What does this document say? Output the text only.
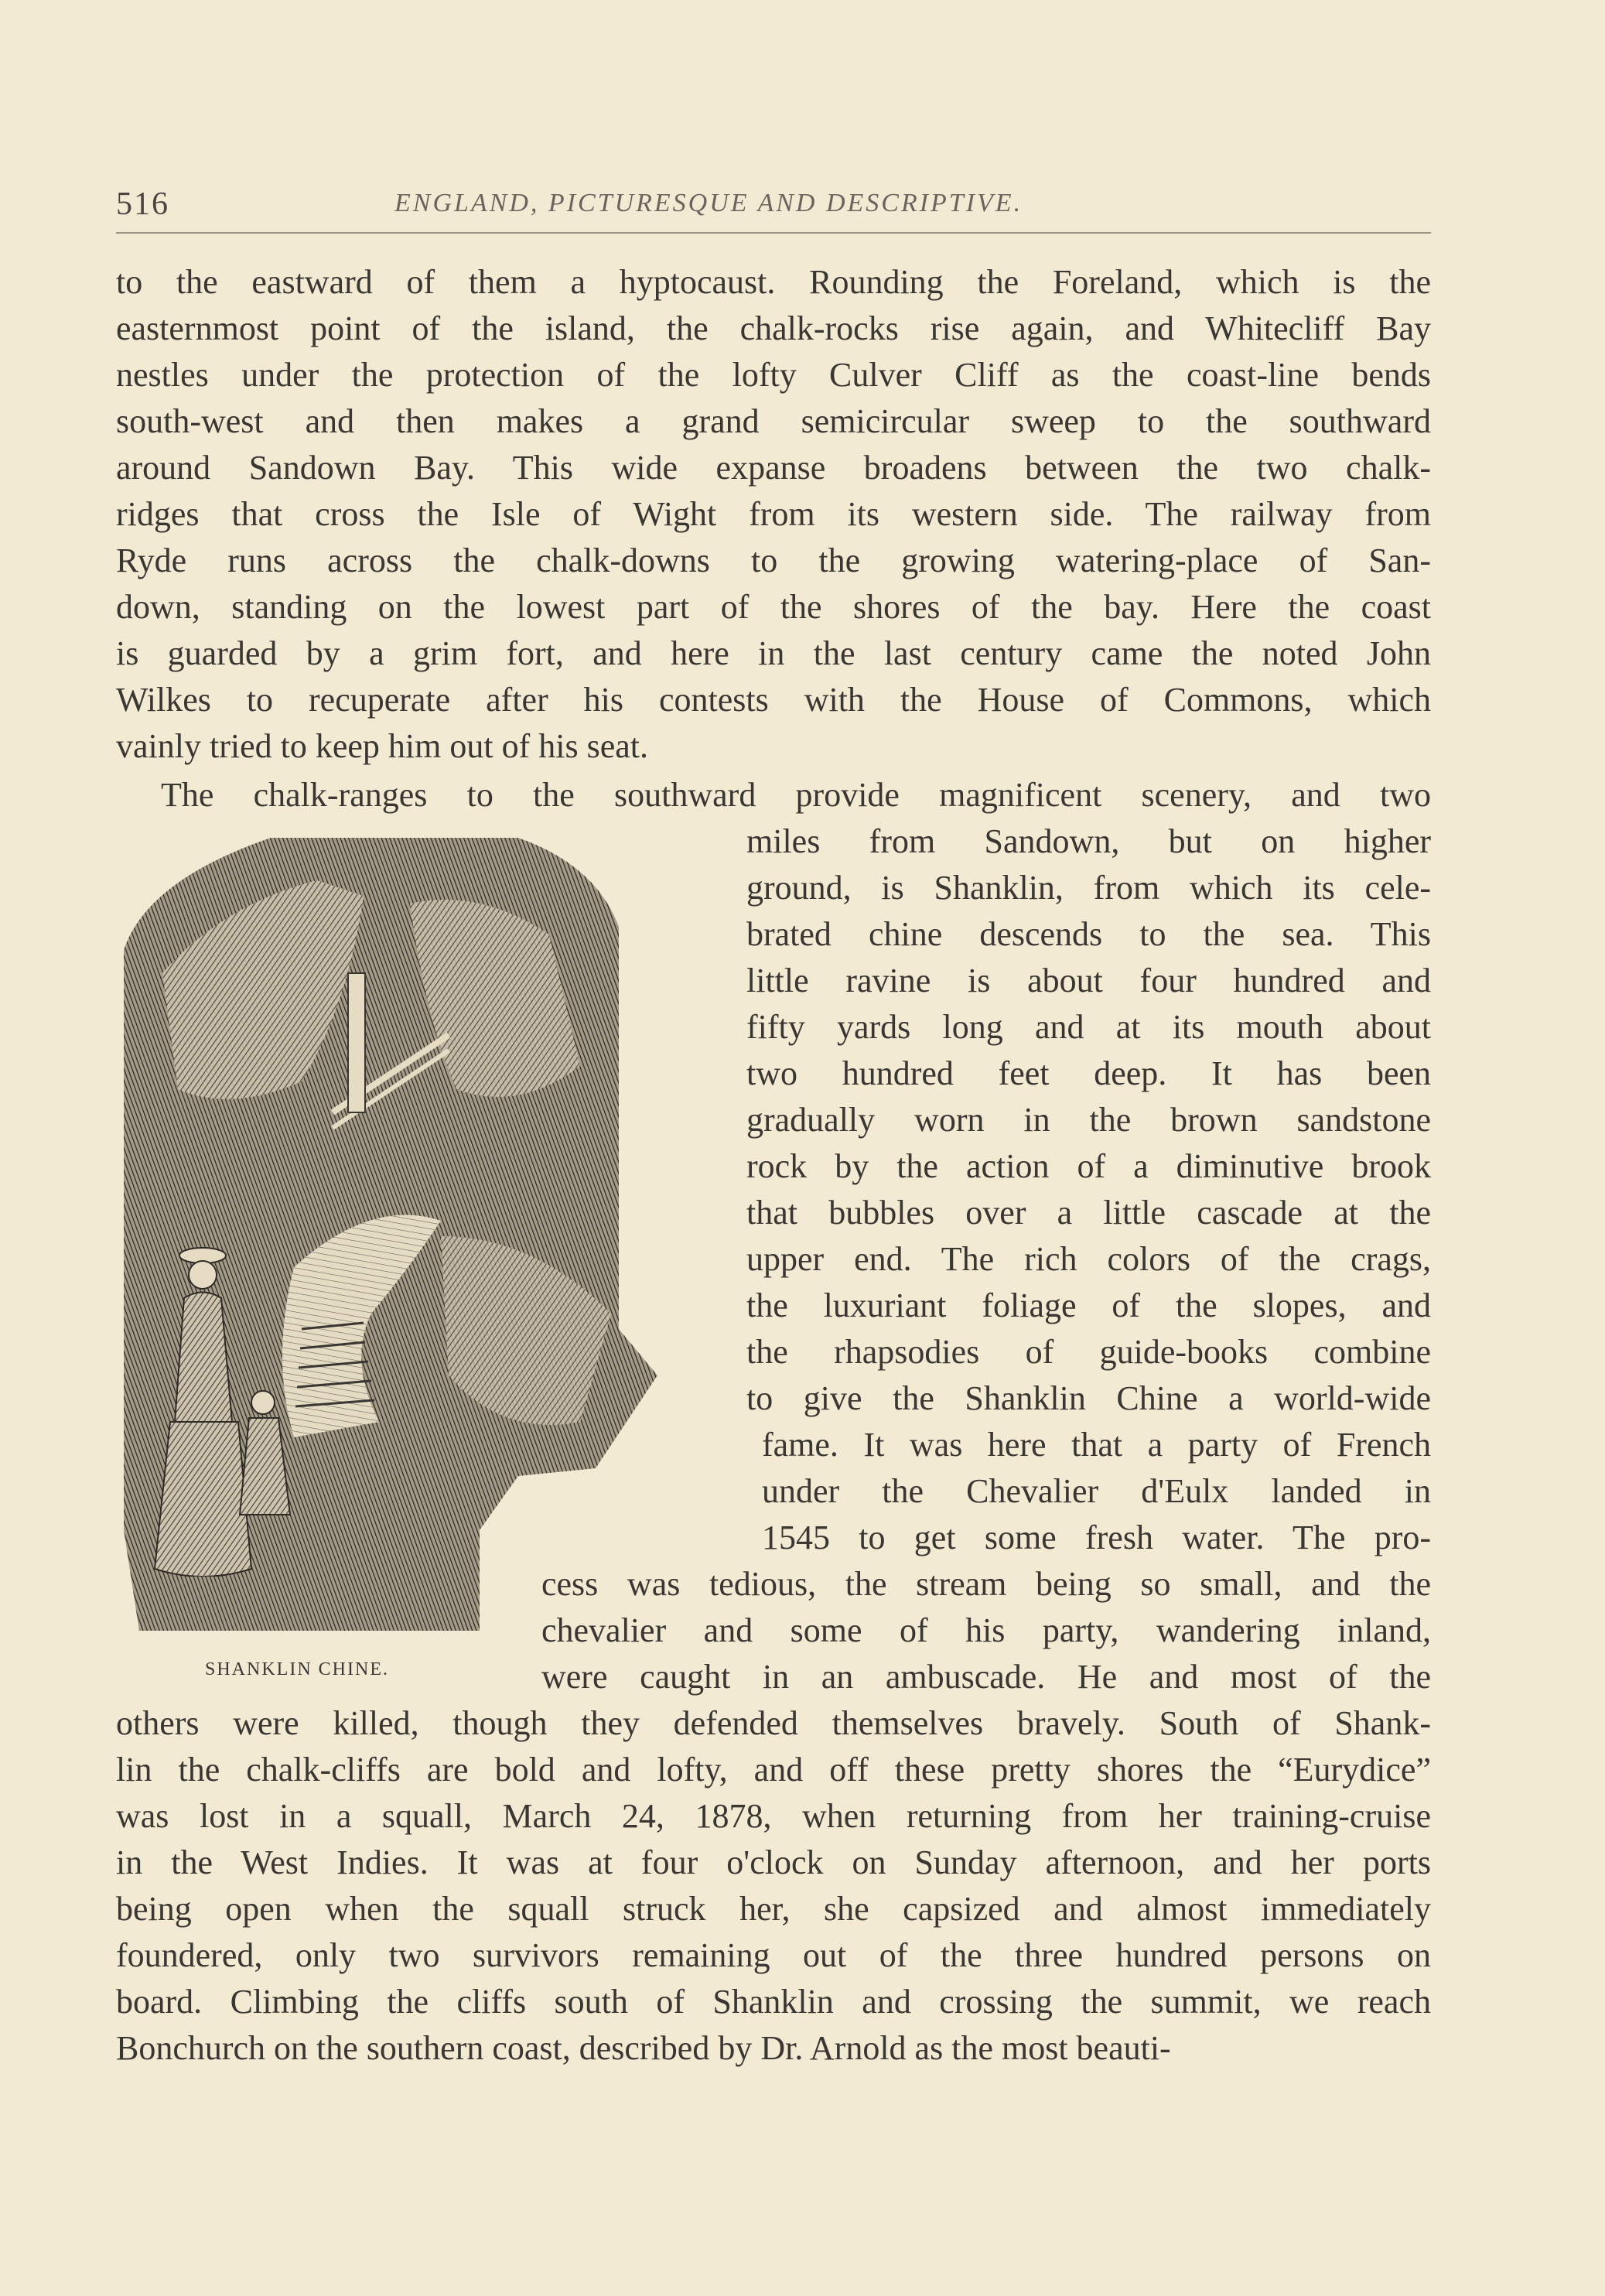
516	ENGLAND, PICTURESQUE AND DESCRIPTIVE.
to the eastward of them a hyptocaust. Rounding the Foreland, which is the
easternmost point of the island, the chalk-rocks rise again, and Whitecliff Bay
nestles under the protection of the lofty Culver Cliff as the coast-line bends
south-west and then makes a grand semicircular sweep to the southward
around Sandown Bay. This wide expanse broadens between the two chalk-
ridges that cross the Isle of Wight from its western side. The railway from
Ryde runs across the chalk-downs to the growing watering-place of San-
down, standing on the lowest part of the shores of the bay. Here the coast
is guarded by a grim fort, and here in the last century came the noted John
Wilkes to recuperate after his contests with the House of Commons, which
vainly tried to keep him out of his seat.
The chalk-ranges to the southward provide magnificent scenery, and two
miles from Sandown, but on higher
ground, is Shanklin, from which its cele-
brated chine descends to the sea. This
little ravine is about four hundred and
fifty yards long and at its mouth about
two hundred feet deep. It has been
gradually worn in the brown sandstone
rock by the action of a diminutive brook
that bubbles over a little cascade at the
upper end. The rich colors of the crags,
the luxuriant foliage of the slopes, and
the rhapsodies of guide-books combine
to give the Shanklin Chine a world-wide
fame. It was here that a party of French
under the Chevalier d'Eulx landed in
1545 to get some fresh water. The pro-
cess was tedious, the stream being so small, and the
chevalier and some of his party, wandering inland,
were caught in an ambuscade. He and most of the
others were killed, though they defended themselves bravely. South of Shank-
lin the chalk-cliffs are bold and lofty, and off these pretty shores the “Eurydice”
was lost in a squall, March 24, 1878, when returning from her training-cruise
in the West Indies. It was at four o'clock on Sunday afternoon, and her ports
being open when the squall struck her, she capsized and almost immediately
foundered, only two survivors remaining out of the three hundred persons on
board. Climbing the cliffs south of Shanklin and crossing the summit, we reach
Bonchurch on the southern coast, described by Dr. Arnold as the most beauti-
SHANKLIN CHINE.
